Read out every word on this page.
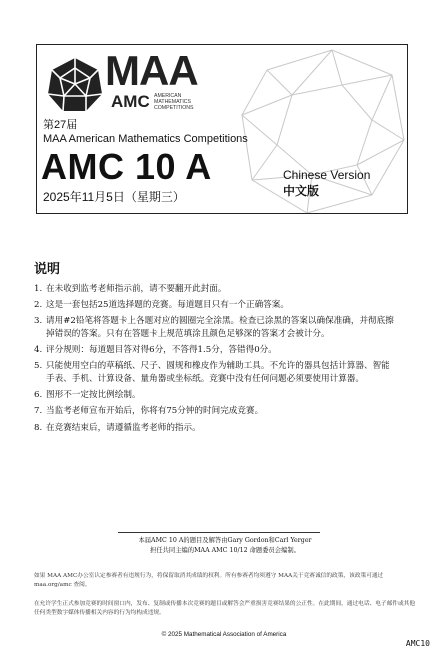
MAA
AMC AMERICAN
MATHEMATICS
COMPETITIONS
第27届
MAA American Mathematics Competitions
AMC 10 A
2025年11月5日（星期三）
Chinese Version
中文版
说明
1. 在未收到监考老师指示前，请不要翻开此封面。
2. 这是一套包括25道选择题的竞赛。每道题目只有一个正确答案。
3. 请用#2铅笔将答题卡上各题对应的圆圈完全涂黑。检查已涂黑的答案以确保准确，并彻底擦掉错误的答案。只有在答题卡上规范填涂且颜色足够深的答案才会被计分。
4. 评分规则：每道题目答对得6分，不答得1.5分，答错得0分。
5. 只能使用空白的草稿纸、尺子、圆规和橡皮作为辅助工具。不允许的器具包括计算器、智能手表、手机、计算设备、量角器或坐标纸。竞赛中没有任何问题必须要使用计算器。
6. 图形不一定按比例绘制。
7. 当监考老师宣布开始后，你将有75分钟的时间完成竞赛。
8. 在竞赛结束后，请遵循监考老师的指示。
本届AMC 10 A的题目及解答由Gary Gordon和Carl Yerger
担任共同主编的MAA AMC 10/12 命题委员会编制。
如果 MAA AMC办公室认定参赛者有违规行为，将保留取消其成绩的权利。所有参赛者均须遵守 MAA关于竞赛诚信的政策，该政策可通过 maa.org/amc 查阅。
在允许学生正式参加竞赛的时间窗口内，发布、复制或传播本次竞赛的题目或解答会严重损害竞赛结果的公正性。在此期间，通过电话、电子邮件或其他任何类型数字媒体传播相关内容的行为均构成违规。
© 2025 Mathematical Association of America
AMC10
